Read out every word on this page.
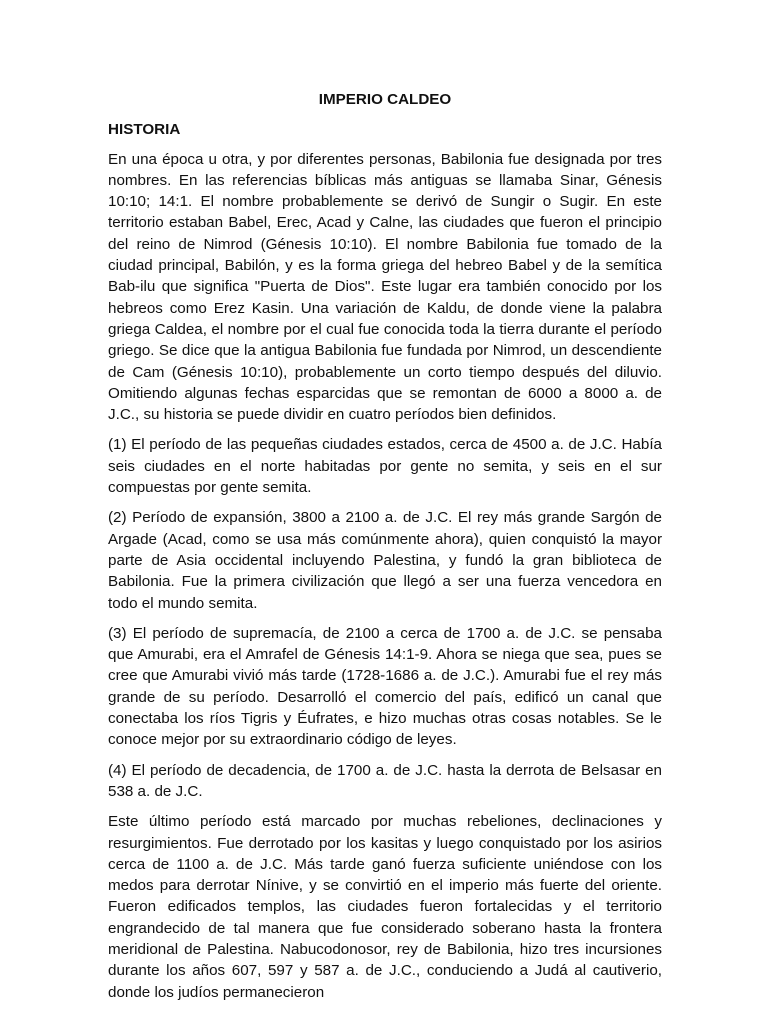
IMPERIO CALDEO
HISTORIA

En una época u otra, y por diferentes personas, Babilonia fue designada por tres nombres. En las referencias bíblicas más antiguas se llamaba Sinar, Génesis 10:10; 14:1. El nombre probablemente se derivó de Sungir o Sugir. En este territorio estaban Babel, Erec, Acad y Calne, las ciudades que fueron el principio del reino de Nimrod (Génesis 10:10). El nombre Babilonia fue tomado de la ciudad principal, Babilón, y es la forma griega del hebreo Babel y de la semítica Bab-ilu que significa "Puerta de Dios". Este lugar era también conocido por los hebreos como Erez Kasin. Una variación de Kaldu, de donde viene la palabra griega Caldea, el nombre por el cual fue conocida toda la tierra durante el período griego. Se dice que la antigua Babilonia fue fundada por Nimrod, un descendiente de Cam (Génesis 10:10), probablemente un corto tiempo después del diluvio. Omitiendo algunas fechas esparcidas que se remontan de 6000 a 8000 a. de J.C., su historia se puede dividir en cuatro períodos bien definidos.

(1) El período de las pequeñas ciudades estados, cerca de 4500 a. de J.C. Había seis ciudades en el norte habitadas por gente no semita, y seis en el sur compuestas por gente semita.

(2) Período de expansión, 3800 a 2100 a. de J.C. El rey más grande Sargón de Argade (Acad, como se usa más comúnmente ahora), quien conquistó la mayor parte de Asia occidental incluyendo Palestina, y fundó la gran biblioteca de Babilonia. Fue la primera civilización que llegó a ser una fuerza vencedora en todo el mundo semita.

(3) El período de supremacía, de 2100 a cerca de 1700 a. de J.C. se pensaba que Amurabi, era el Amrafel de Génesis 14:1-9. Ahora se niega que sea, pues se cree que Amurabi vivió más tarde (1728-1686 a. de J.C.). Amurabi fue el rey más grande de su período. Desarrolló el comercio del país, edificó un canal que conectaba los ríos Tigris y Éufrates, e hizo muchas otras cosas notables. Se le conoce mejor por su extraordinario código de leyes.

(4) El período de decadencia, de 1700 a. de J.C. hasta la derrota de Belsasar en 538 a. de J.C.

Este último período está marcado por muchas rebeliones, declinaciones y resurgimientos. Fue derrotado por los kasitas y luego conquistado por los asirios cerca de 1100 a. de J.C. Más tarde ganó fuerza suficiente uniéndose con los medos para derrotar Nínive, y se convirtió en el imperio más fuerte del oriente. Fueron edificados templos, las ciudades fueron fortalecidas y el territorio engrandecido de tal manera que fue considerado soberano hasta la frontera meridional de Palestina. Nabucodonosor, rey de Babilonia, hizo tres incursiones durante los años 607, 597 y 587 a. de J.C., conduciendo a Judá al cautiverio, donde los judíos permanecieron
